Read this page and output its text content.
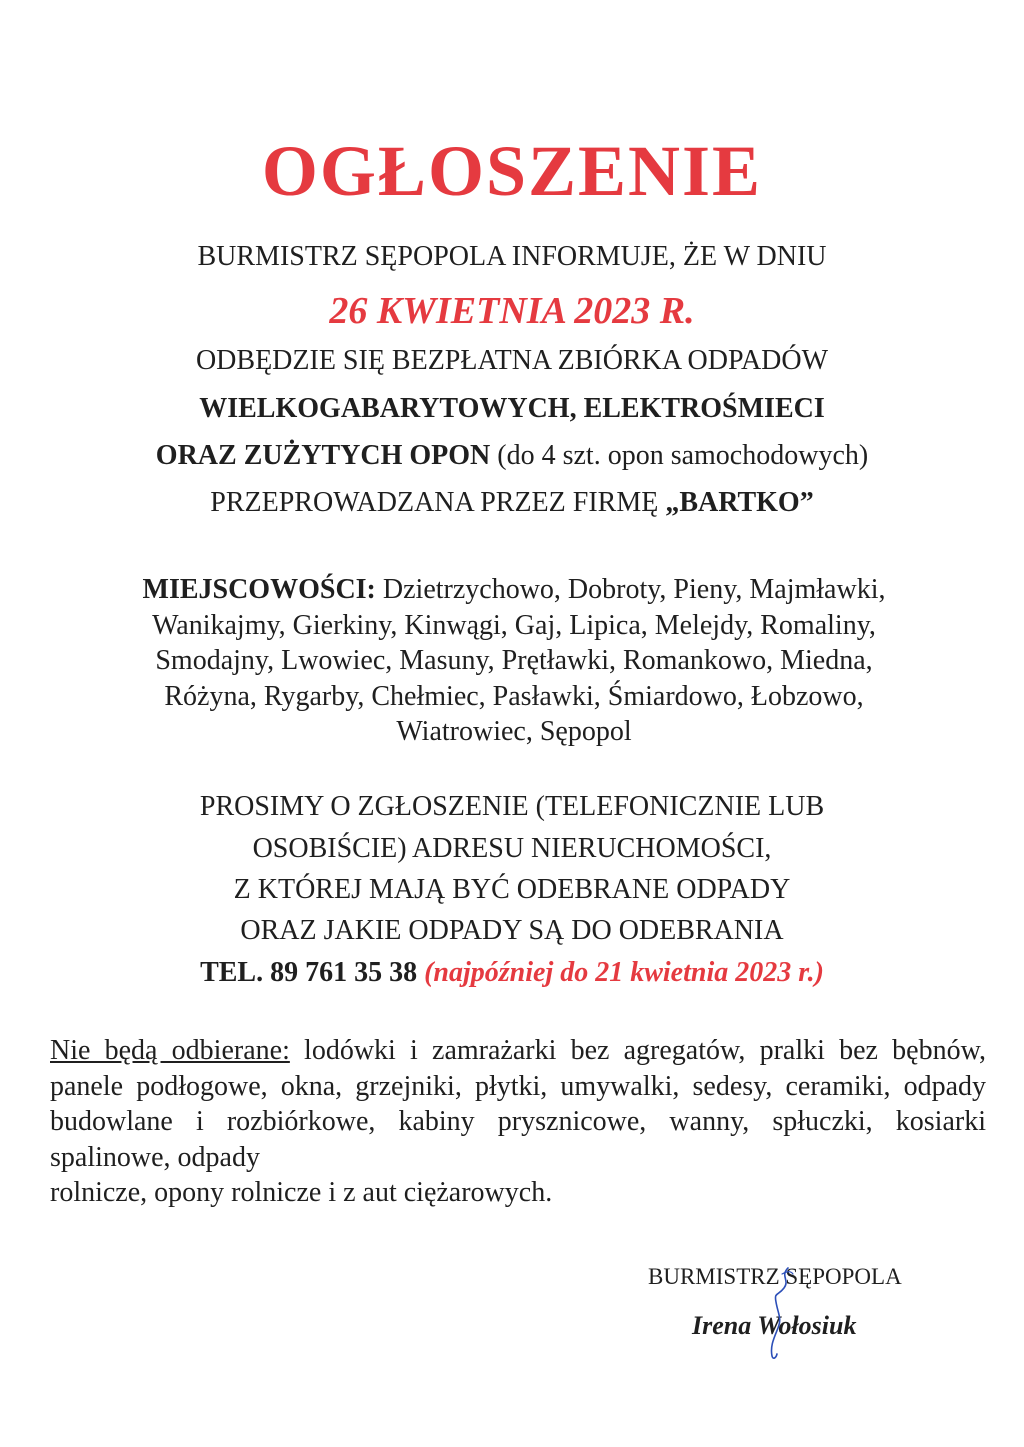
OGŁOSZENIE
BURMISTRZ SĘPOPOLA INFORMUJE, ŻE W DNIU
26 KWIETNIA 2023 R.
ODBĘDZIE SIĘ BEZPŁATNA ZBIÓRKA ODPADÓW
WIELKOGABARYTOWYCH, ELEKTROŚMIECI
ORAZ ZUŻYTYCH OPON (do 4 szt. opon samochodowych)
PRZEPROWADZANA PRZEZ FIRMĘ „BARTKO”

MIEJSCOWOŚCI: Dzietrzychowo, Dobroty, Pieny, Majmławki,

Wanikajmy, Gierkiny, Kinwągi, Gaj, Lipica, Melejdy, Romaliny,

Smodajny, Lwowiec, Masuny, Prętławki, Romankowo, Miedna,

Różyna, Rygarby, Chełmiec, Pasławki, Śmiardowo, Łobzowo,

Wiatrowiec, Sępopol

PROSIMY O ZGŁOSZENIE (TELEFONICZNIE LUB
OSOBIŚCIE) ADRESU NIERUCHOMOŚCI,
Z KTÓREJ MAJĄ BYĆ ODEBRANE ODPADY
ORAZ JAKIE ODPADY SĄ DO ODEBRANIA
TEL. 89 761 35 38 (najpóźniej do 21 kwietnia 2023 r.)

Nie będą odbierane: lodówki i zamrażarki bez agregatów, pralki bez bębnów, panele podłogowe, okna, grzejniki, płytki, umywalki, sedesy, ceramiki, odpady budowlane i rozbiórkowe, kabiny prysznicowe, wanny, spłuczki, kosiarki spalinowe, odpady

rolnicze, opony rolnicze i z aut ciężarowych.

BURMISTRZ SĘPOPOLA
Irena Wołosiuk
